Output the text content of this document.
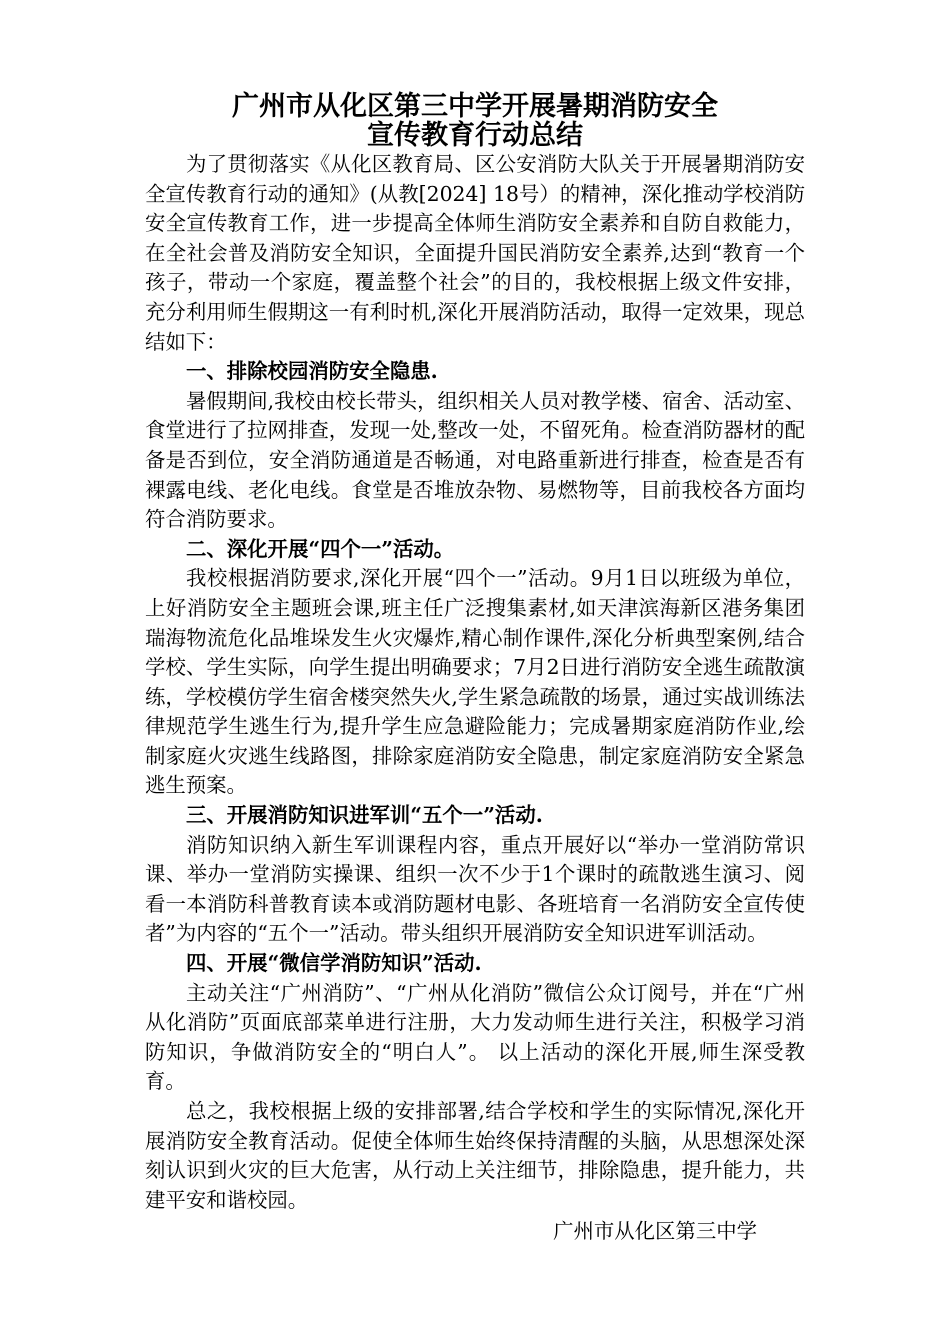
广州市从化区第三中学开展暑期消防安全
宣传教育行动总结

为了贯彻落实《从化区教育局、区公安消防大队关于开展暑期消防安全宣传教育行动的通知》(从教[2024] 18号）的精神，深化推动学校消防安全宣传教育工作，进一步提高全体师生消防安全素养和自防自救能力，在全社会普及消防安全知识，全面提升国民消防安全素养,达到“教育一个孩子，带动一个家庭，覆盖整个社会”的目的，我校根据上级文件安排，充分利用师生假期这一有利时机,深化开展消防活动，取得一定效果，现总结如下：

一、排除校园消防安全隐患.

暑假期间,我校由校长带头，组织相关人员对教学楼、宿舍、活动室、食堂进行了拉网排查，发现一处,整改一处，不留死角。检查消防器材的配备是否到位，安全消防通道是否畅通，对电路重新进行排查，检查是否有裸露电线、老化电线。食堂是否堆放杂物、易燃物等，目前我校各方面均符合消防要求。

二、深化开展“四个一”活动。

我校根据消防要求,深化开展“四个一”活动。9月1日以班级为单位，上好消防安全主题班会课,班主任广泛搜集素材,如天津滨海新区港务集团瑞海物流危化品堆垛发生火灾爆炸,精心制作课件,深化分析典型案例,结合学校、学生实际，向学生提出明确要求；7月2日进行消防安全逃生疏散演练，学校模仿学生宿舍楼突然失火,学生紧急疏散的场景，通过实战训练法律规范学生逃生行为,提升学生应急避险能力；完成暑期家庭消防作业,绘制家庭火灾逃生线路图，排除家庭消防安全隐患，制定家庭消防安全紧急逃生预案。

三、开展消防知识进军训“五个一”活动.

消防知识纳入新生军训课程内容，重点开展好以“举办一堂消防常识课、举办一堂消防实操课、组织一次不少于1个课时的疏散逃生演习、阅看一本消防科普教育读本或消防题材电影、各班培育一名消防安全宣传使者”为内容的“五个一”活动。带头组织开展消防安全知识进军训活动。

四、开展“微信学消防知识”活动.

主动关注“广州消防”、“广州从化消防”微信公众订阅号，并在“广州从化消防”页面底部菜单进行注册，大力发动师生进行关注，积极学习消防知识，争做消防安全的“明白人”。 以上活动的深化开展,师生深受教育。

总之，我校根据上级的安排部署,结合学校和学生的实际情况,深化开展消防安全教育活动。促使全体师生始终保持清醒的头脑，从思想深处深刻认识到火灾的巨大危害，从行动上关注细节，排除隐患，提升能力，共建平安和谐校园。

广州市从化区第三中学
